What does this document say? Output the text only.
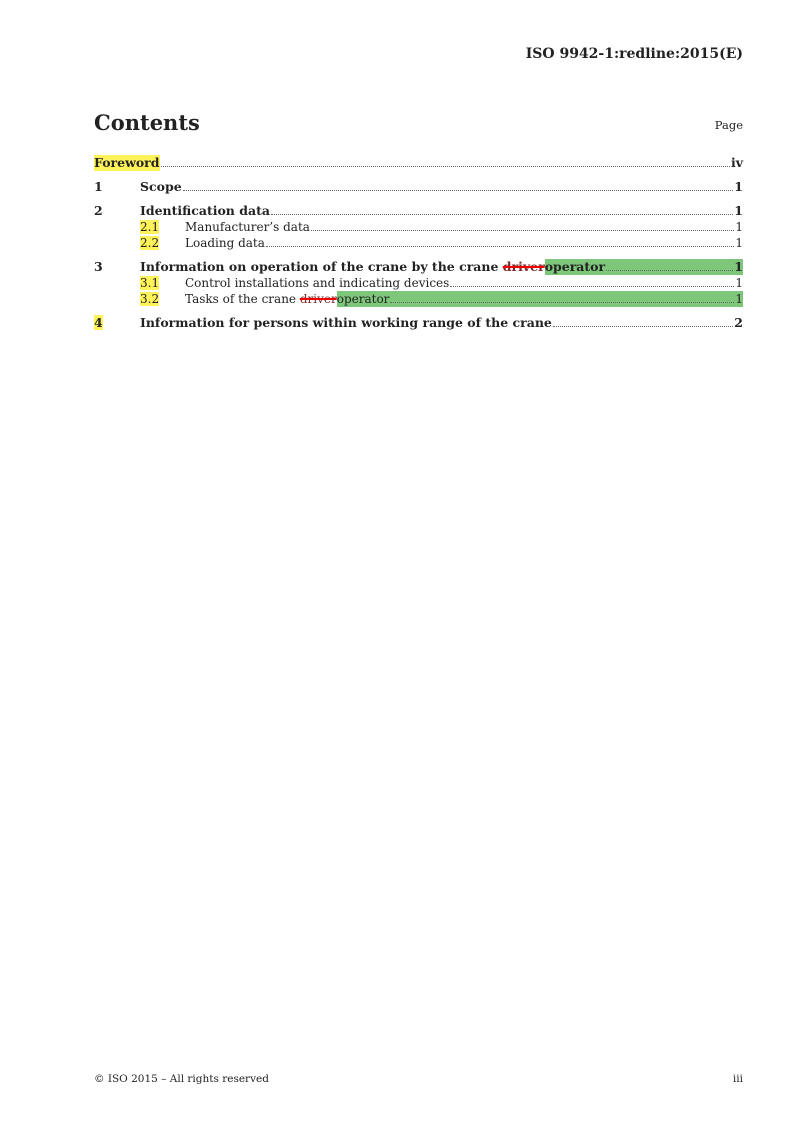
ISO 9942-1:redline:2015(E)
Contents	Page
Foreword	iv
1	Scope	1
2	Identification data	1
2.1	Manufacturer’s data	1
2.2	Loading data	1
3	Information on operation of the crane by the crane driver operator	1
3.1	Control installations and indicating devices	1
3.2	Tasks of the crane driver operator	1
4	Information for persons within working range of the crane	2
© ISO 2015 – All rights reserved	iii
